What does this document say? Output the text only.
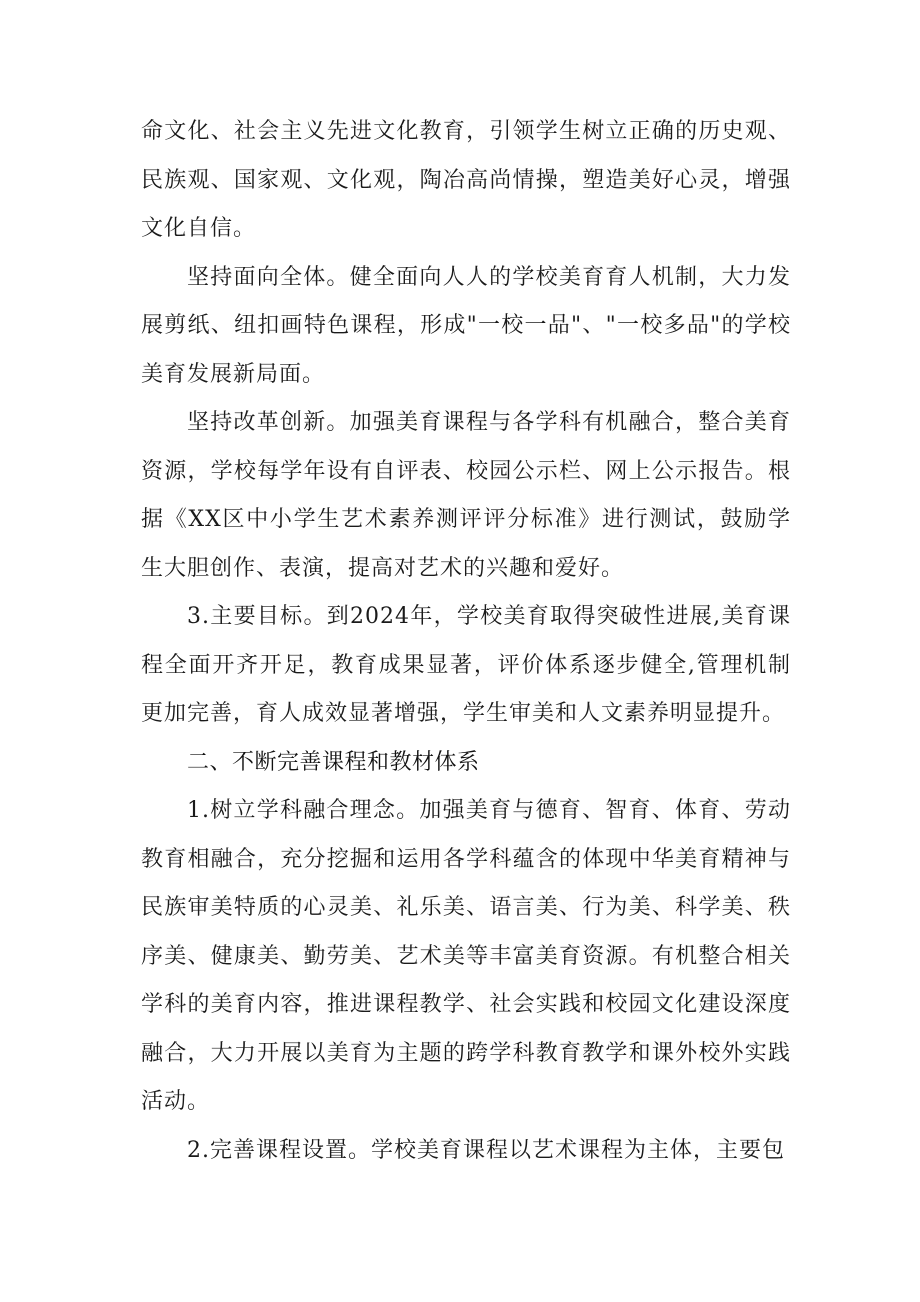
命文化、社会主义先进文化教育，引领学生树立正确的历史观、民族观、国家观、文化观，陶冶高尚情操，塑造美好心灵，增强文化自信。

坚持面向全体。健全面向人人的学校美育育人机制，大力发展剪纸、纽扣画特色课程，形成"一校一品"、"一校多品"的学校美育发展新局面。

坚持改革创新。加强美育课程与各学科有机融合，整合美育资源，学校每学年设有自评表、校园公示栏、网上公示报告。根据《XX区中小学生艺术素养测评评分标准》进行测试，鼓励学生大胆创作、表演，提高对艺术的兴趣和爱好。

3.主要目标。到2024年，学校美育取得突破性进展,美育课程全面开齐开足，教育成果显著，评价体系逐步健全,管理机制更加完善，育人成效显著增强，学生审美和人文素养明显提升。

二、不断完善课程和教材体系

1.树立学科融合理念。加强美育与德育、智育、体育、劳动教育相融合，充分挖掘和运用各学科蕴含的体现中华美育精神与民族审美特质的心灵美、礼乐美、语言美、行为美、科学美、秩序美、健康美、勤劳美、艺术美等丰富美育资源。有机整合相关学科的美育内容，推进课程教学、社会实践和校园文化建设深度融合，大力开展以美育为主题的跨学科教育教学和课外校外实践活动。

2.完善课程设置。学校美育课程以艺术课程为主体，主要包
